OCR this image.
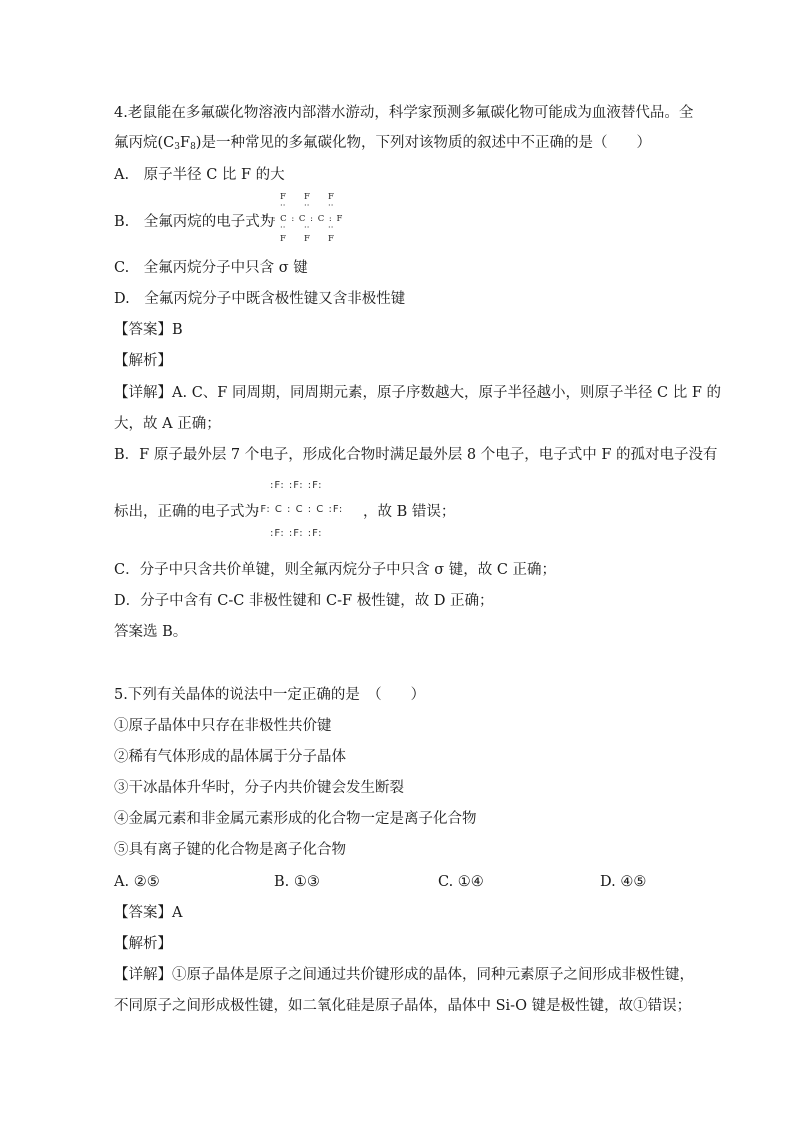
4.老鼠能在多氟碳化物溶液内部潜水游动，科学家预测多氟碳化物可能成为血液替代品。全
氟丙烷$(C_3F_8)$是一种常见的多氟碳化物，下列对该物质的叙述中不正确的是（　　）
A.　原子半径 C 比 F 的大
B.　全氟丙烷的电子式为
F F F
·· ·· ··
F : C : C : C : F
·· ·· ··
F F F
C.　全氟丙烷分子中只含 σ 键
D.　全氟丙烷分子中既含极性键又含非极性键
【答案】B
【解析】
【详解】A. C、F 同周期，同周期元素，原子序数越大，原子半径越小，则原子半径 C 比 F 的
大，故 A 正确；
B．F 原子最外层 7 个电子，形成化合物时满足最外层 8 个电子，电子式中 F 的孤对电子没有
标出，正确的电子式为	，故 B 错误；
:F: :F: :F:
:F: C : C : C :F:
:F: :F: :F:
C．分子中只含共价单键，则全氟丙烷分子中只含 σ 键，故 C 正确；
D．分子中含有 C-C 非极性键和 C-F 极性键，故 D 正确；
答案选 B。
5.下列有关晶体的说法中一定正确的是　（　　）
①原子晶体中只存在非极性共价键
②稀有气体形成的晶体属于分子晶体
③干冰晶体升华时，分子内共价键会发生断裂
④金属元素和非金属元素形成的化合物一定是离子化合物
⑤具有离子键的化合物是离子化合物
A. ②⑤	B. ①③	C. ①④	D. ④⑤
【答案】A
【解析】
【详解】①原子晶体是原子之间通过共价键形成的晶体，同种元素原子之间形成非极性键，
不同原子之间形成极性键，如二氧化硅是原子晶体，晶体中 Si-O 键是极性键，故①错误；
